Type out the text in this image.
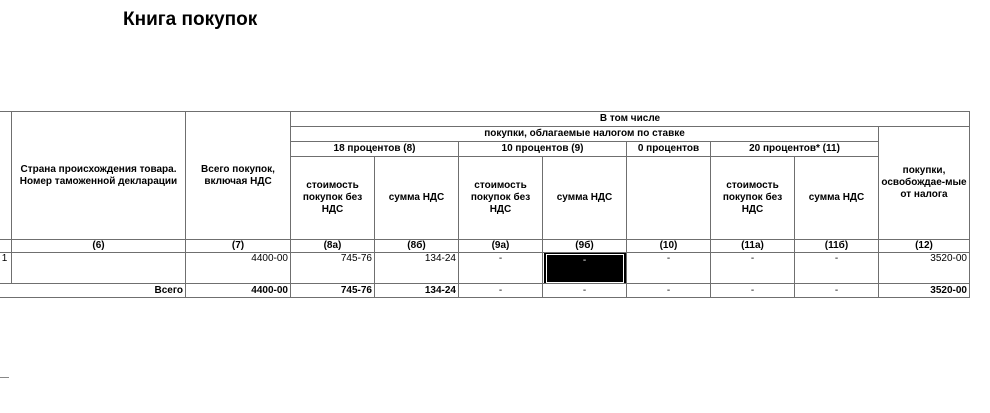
Книга покупок
	Страна происхождения товара. Номер таможенной декларации	Всего покупок, включая НДС	В том числе							
			покупки, облагаемые налогом по ставке							покупки, освобождае-мые от налога
			18 процентов (8)		10 процентов (9)		0 процентов	20 процентов* (11)		
			стоимость покупок без НДС	сумма НДС	стоимость покупок без НДС	сумма НДС		стоимость покупок без НДС	сумма НДС	
	(6)	(7)	(8а)	(8б)	(9а)	(9б)	(10)	(11а)	(11б)	(12)
1		4400-00	745-76	134-24	-	-	-	-	-	3520-00
	Всего	4400-00	745-76	134-24	-	-	-	-	-	3520-00
